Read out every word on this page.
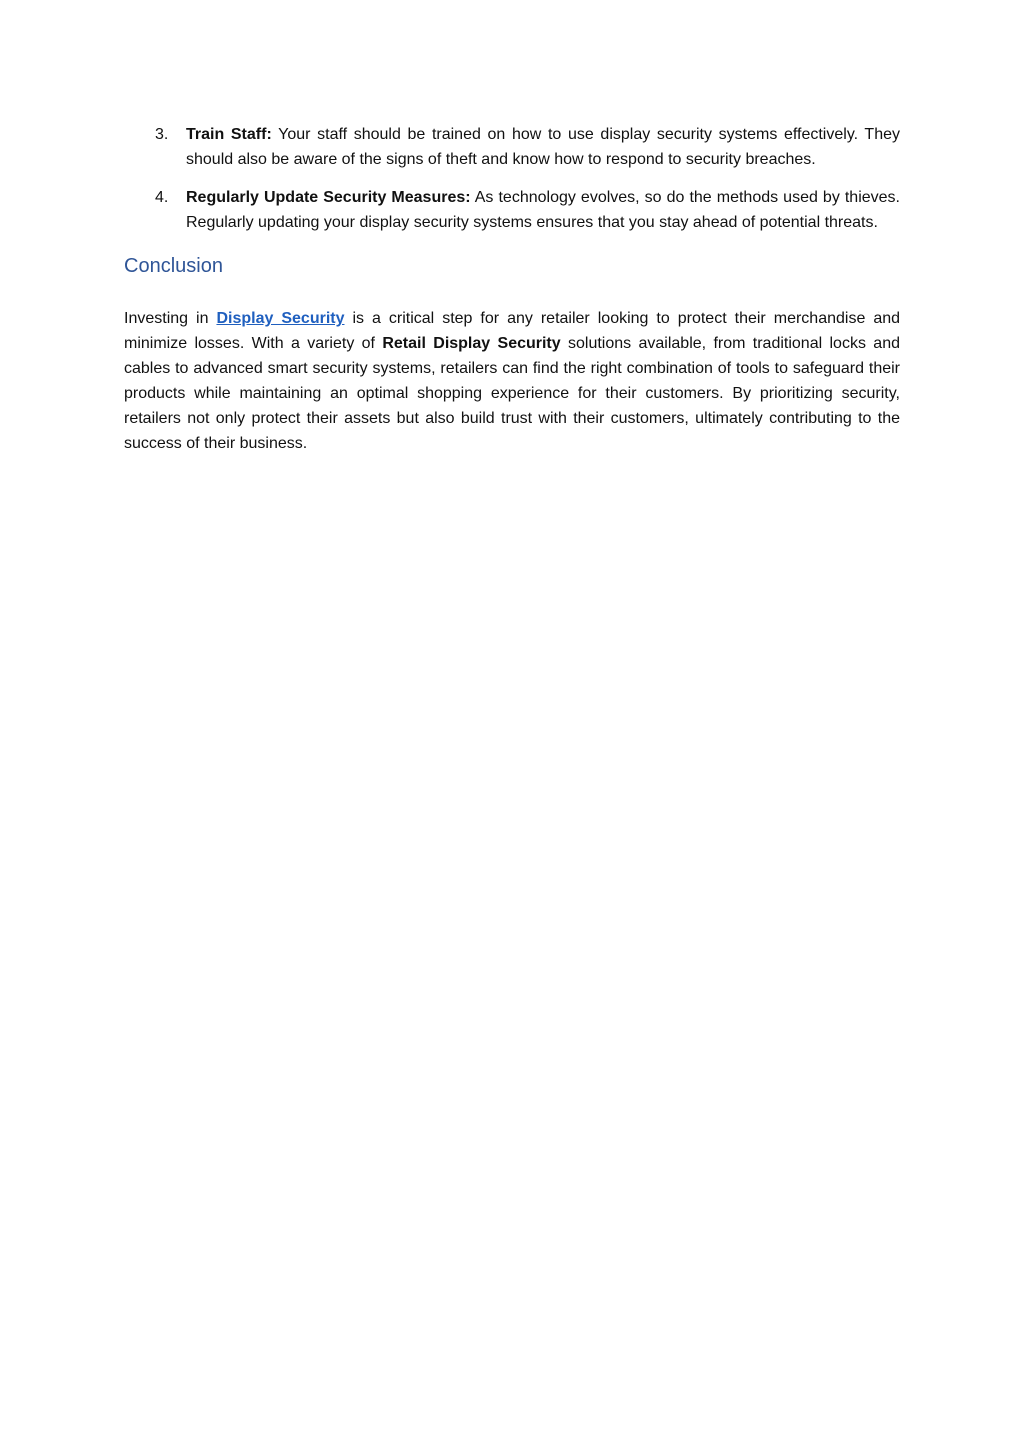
3.	Train Staff: Your staff should be trained on how to use display security systems effectively. They should also be aware of the signs of theft and know how to respond to security breaches.
4.	Regularly Update Security Measures: As technology evolves, so do the methods used by thieves. Regularly updating your display security systems ensures that you stay ahead of potential threats.
Conclusion

Investing in Display Security is a critical step for any retailer looking to protect their merchandise and minimize losses. With a variety of Retail Display Security solutions available, from traditional locks and cables to advanced smart security systems, retailers can find the right combination of tools to safeguard their products while maintaining an optimal shopping experience for their customers. By prioritizing security, retailers not only protect their assets but also build trust with their customers, ultimately contributing to the success of their business.
